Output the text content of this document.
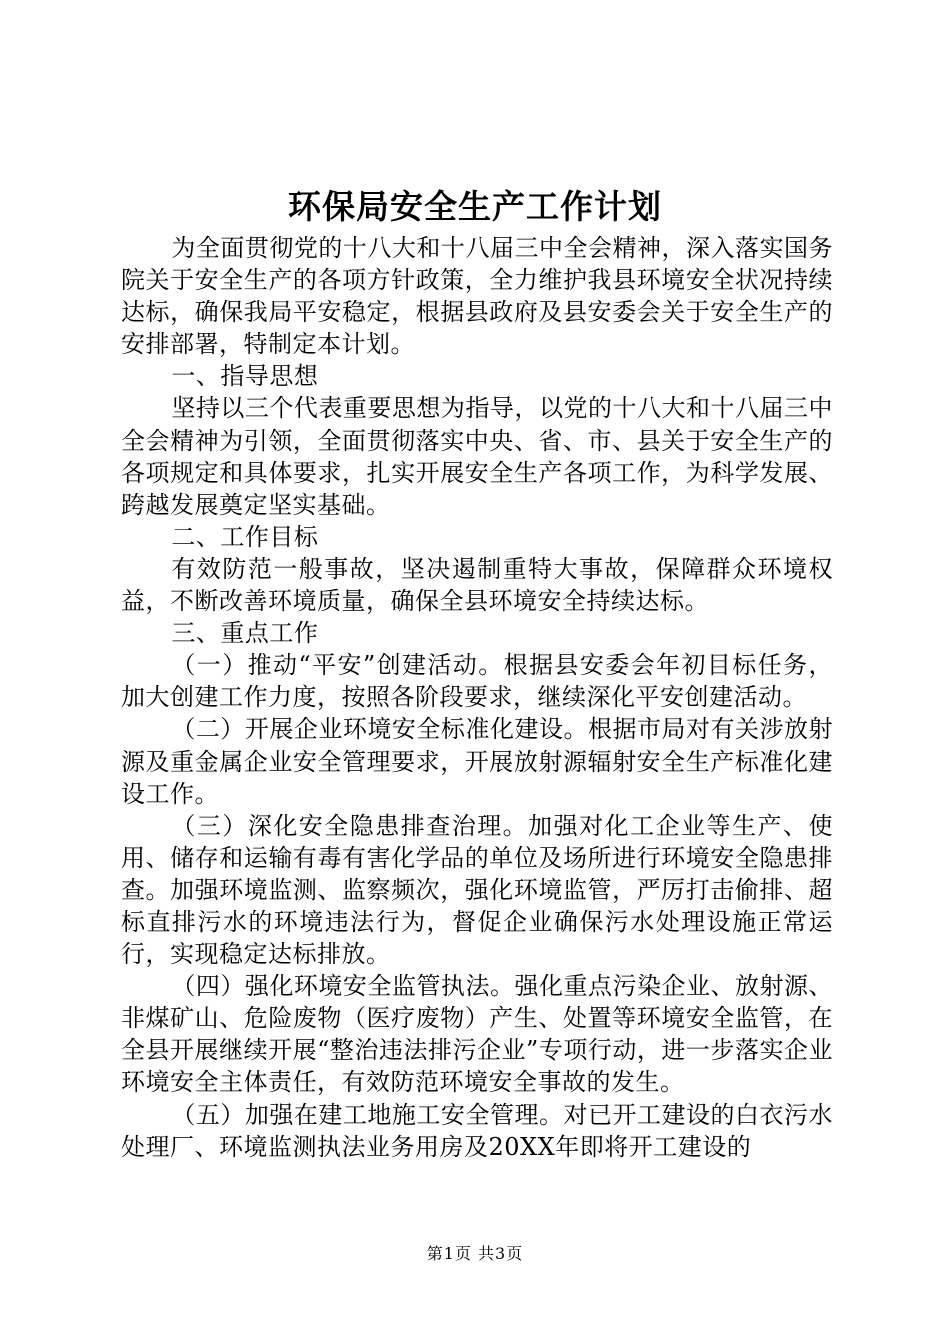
环保局安全生产工作计划

为全面贯彻党的十八大和十八届三中全会精神，深入落实国务院关于安全生产的各项方针政策，全力维护我县环境安全状况持续达标，确保我局平安稳定，根据县政府及县安委会关于安全生产的安排部署，特制定本计划。

一、指导思想

坚持以三个代表重要思想为指导，以党的十八大和十八届三中全会精神为引领，全面贯彻落实中央、省、市、县关于安全生产的各项规定和具体要求，扎实开展安全生产各项工作，为科学发展、跨越发展奠定坚实基础。

二、工作目标

有效防范一般事故，坚决遏制重特大事故，保障群众环境权益，不断改善环境质量，确保全县环境安全持续达标。

三、重点工作

（一）推动“平安”创建活动。根据县安委会年初目标任务，加大创建工作力度，按照各阶段要求，继续深化平安创建活动。

（二）开展企业环境安全标准化建设。根据市局对有关涉放射源及重金属企业安全管理要求，开展放射源辐射安全生产标准化建设工作。

（三）深化安全隐患排查治理。加强对化工企业等生产、使用、储存和运输有毒有害化学品的单位及场所进行环境安全隐患排查。加强环境监测、监察频次，强化环境监管，严厉打击偷排、超标直排污水的环境违法行为，督促企业确保污水处理设施正常运行，实现稳定达标排放。

（四）强化环境安全监管执法。强化重点污染企业、放射源、非煤矿山、危险废物（医疗废物）产生、处置等环境安全监管，在全县开展继续开展“整治违法排污企业”专项行动，进一步落实企业环境安全主体责任，有效防范环境安全事故的发生。

（五）加强在建工地施工安全管理。对已开工建设的白衣污水处理厂、环境监测执法业务用房及20XX年即将开工建设的

第1页 共3页
